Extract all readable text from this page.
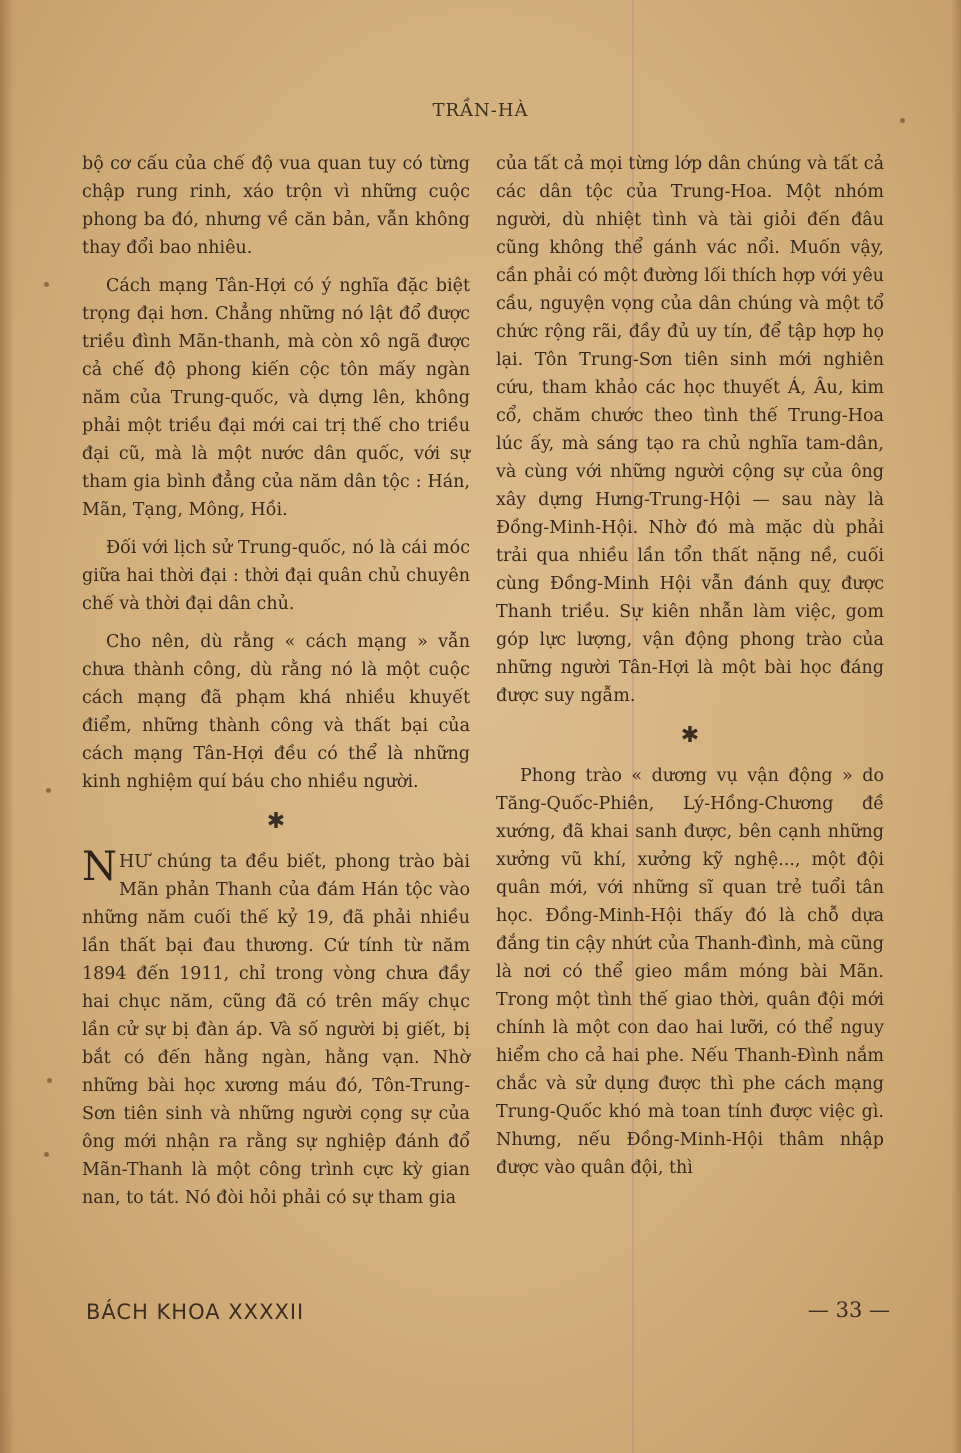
TRẦN-HÀ

bộ cơ cấu của chế độ vua quan tuy có từng chập rung rinh, xáo trộn vì những cuộc phong ba đó, nhưng về căn bản, vẫn không thay đổi bao nhiêu.

Cách mạng Tân-Hợi có ý nghĩa đặc biệt trọng đại hơn. Chẳng những nó lật đổ được triều đình Mãn-thanh, mà còn xô ngã được cả chế độ phong kiến cộc tôn mấy ngàn năm của Trung-quốc, và dựng lên, không phải một triều đại mới cai trị thế cho triều đại cũ, mà là một nước dân quốc, với sự tham gia bình đẳng của năm dân tộc : Hán, Mãn, Tạng, Mông, Hồi.

Đối với lịch sử Trung-quốc, nó là cái móc giữa hai thời đại : thời đại quân chủ chuyên chế và thời đại dân chủ.

Cho nên, dù rằng « cách mạng » vẫn chưa thành công, dù rằng nó là một cuộc cách mạng đã phạm khá nhiều khuyết điểm, những thành công và thất bại của cách mạng Tân-Hợi đều có thể là những kinh nghiệm quí báu cho nhiều người.

✱

NHƯ chúng ta đều biết, phong trào bài Mãn phản Thanh của đám Hán tộc vào những năm cuối thế kỷ 19, đã phải nhiều lần thất bại đau thương. Cứ tính từ năm 1894 đến 1911, chỉ trong vòng chưa đầy hai chục năm, cũng đã có trên mấy chục lần cử sự bị đàn áp. Và số người bị giết, bị bắt có đến hằng ngàn, hằng vạn. Nhờ những bài học xương máu đó, Tôn-Trung-Sơn tiên sinh và những người cọng sự của ông mới nhận ra rằng sự nghiệp đánh đổ Mãn-Thanh là một công trình cực kỳ gian nan, to tát. Nó đòi hỏi phải có sự tham gia

của tất cả mọi từng lớp dân chúng và tất cả các dân tộc của Trung-Hoa. Một nhóm người, dù nhiệt tình và tài giỏi đến đâu cũng không thể gánh vác nổi. Muốn vậy, cần phải có một đường lối thích hợp với yêu cầu, nguyện vọng của dân chúng và một tổ chức rộng rãi, đầy đủ uy tín, để tập hợp họ lại. Tôn Trung-Sơn tiên sinh mới nghiên cứu, tham khảo các học thuyết Á, Âu, kim cổ, chăm chước theo tình thế Trung-Hoa lúc ấy, mà sáng tạo ra chủ nghĩa tam-dân, và cùng với những người cộng sự của ông xây dựng Hưng-Trung-Hội — sau này là Đồng-Minh-Hội. Nhờ đó mà mặc dù phải trải qua nhiều lần tổn thất nặng nề, cuối cùng Đồng-Minh Hội vẫn đánh quỵ được Thanh triều. Sự kiên nhẫn làm việc, gom góp lực lượng, vận động phong trào của những người Tân-Hợi là một bài học đáng được suy ngẫm.

✱

Phong trào « dương vụ vận động » do Tăng-Quốc-Phiên, Lý-Hồng-Chương đề xướng, đã khai sanh được, bên cạnh những xưởng vũ khí, xưởng kỹ nghệ..., một đội quân mới, với những sĩ quan trẻ tuổi tân học. Đồng-Minh-Hội thấy đó là chỗ dựa đắng tin cậy nhứt của Thanh-đình, mà cũng là nơi có thể gieo mầm móng bài Mãn. Trong một tình thế giao thời, quân đội mới chính là một con dao hai lưỡi, có thể nguy hiểm cho cả hai phe. Nếu Thanh-Đình nắm chắc và sử dụng được thì phe cách mạng Trung-Quốc khó mà toan tính được việc gì. Nhưng, nếu Đồng-Minh-Hội thâm nhập được vào quân đội, thì

BÁCH KHOA XXXXII	— 33 —
